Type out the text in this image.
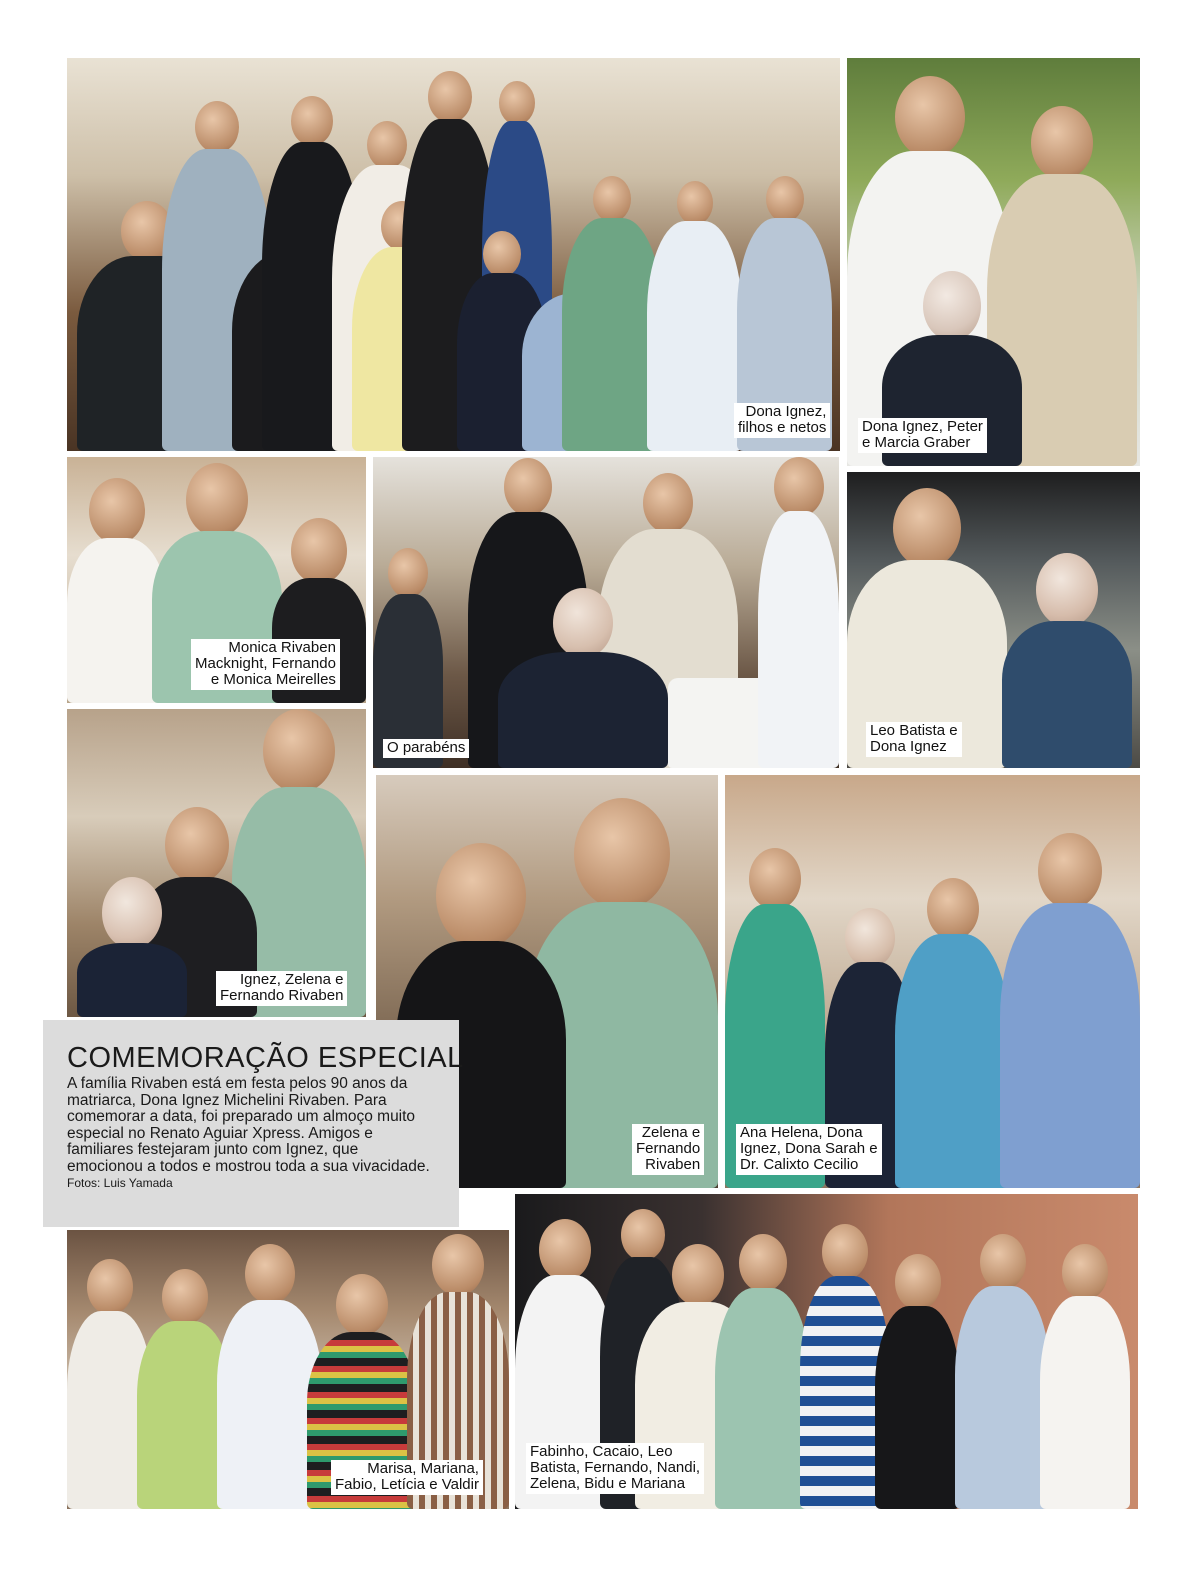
Dona Ignez,
filhos e netos Dona Ignez, Peter
e Marcia Graber
Monica Rivaben
Macknight, Fernando
e Monica Meirelles
O parabéns
Leo Batista e
Dona Ignez
Ignez, Zelena e
Fernando Rivaben
Zelena e
Fernando
Rivaben
Ana Helena, Dona
Ignez, Dona Sarah e
Dr. Calixto Cecilio
COMEMORAÇÃO ESPECIAL
A família Rivaben está em festa pelos 90 anos da matriarca, Dona Ignez Michelini Rivaben. Para comemorar a data, foi preparado um almoço muito especial no Renato Aguiar Xpress. Amigos e familiares festejaram junto com Ignez, que emocionou a todos e mostrou toda a sua vivacidade. Fotos: Luis Yamada
Marisa, Mariana,
Fabio, Letícia e Valdir
Fabinho, Cacaio, Leo
Batista, Fernando, Nandi,
Zelena, Bidu e Mariana
